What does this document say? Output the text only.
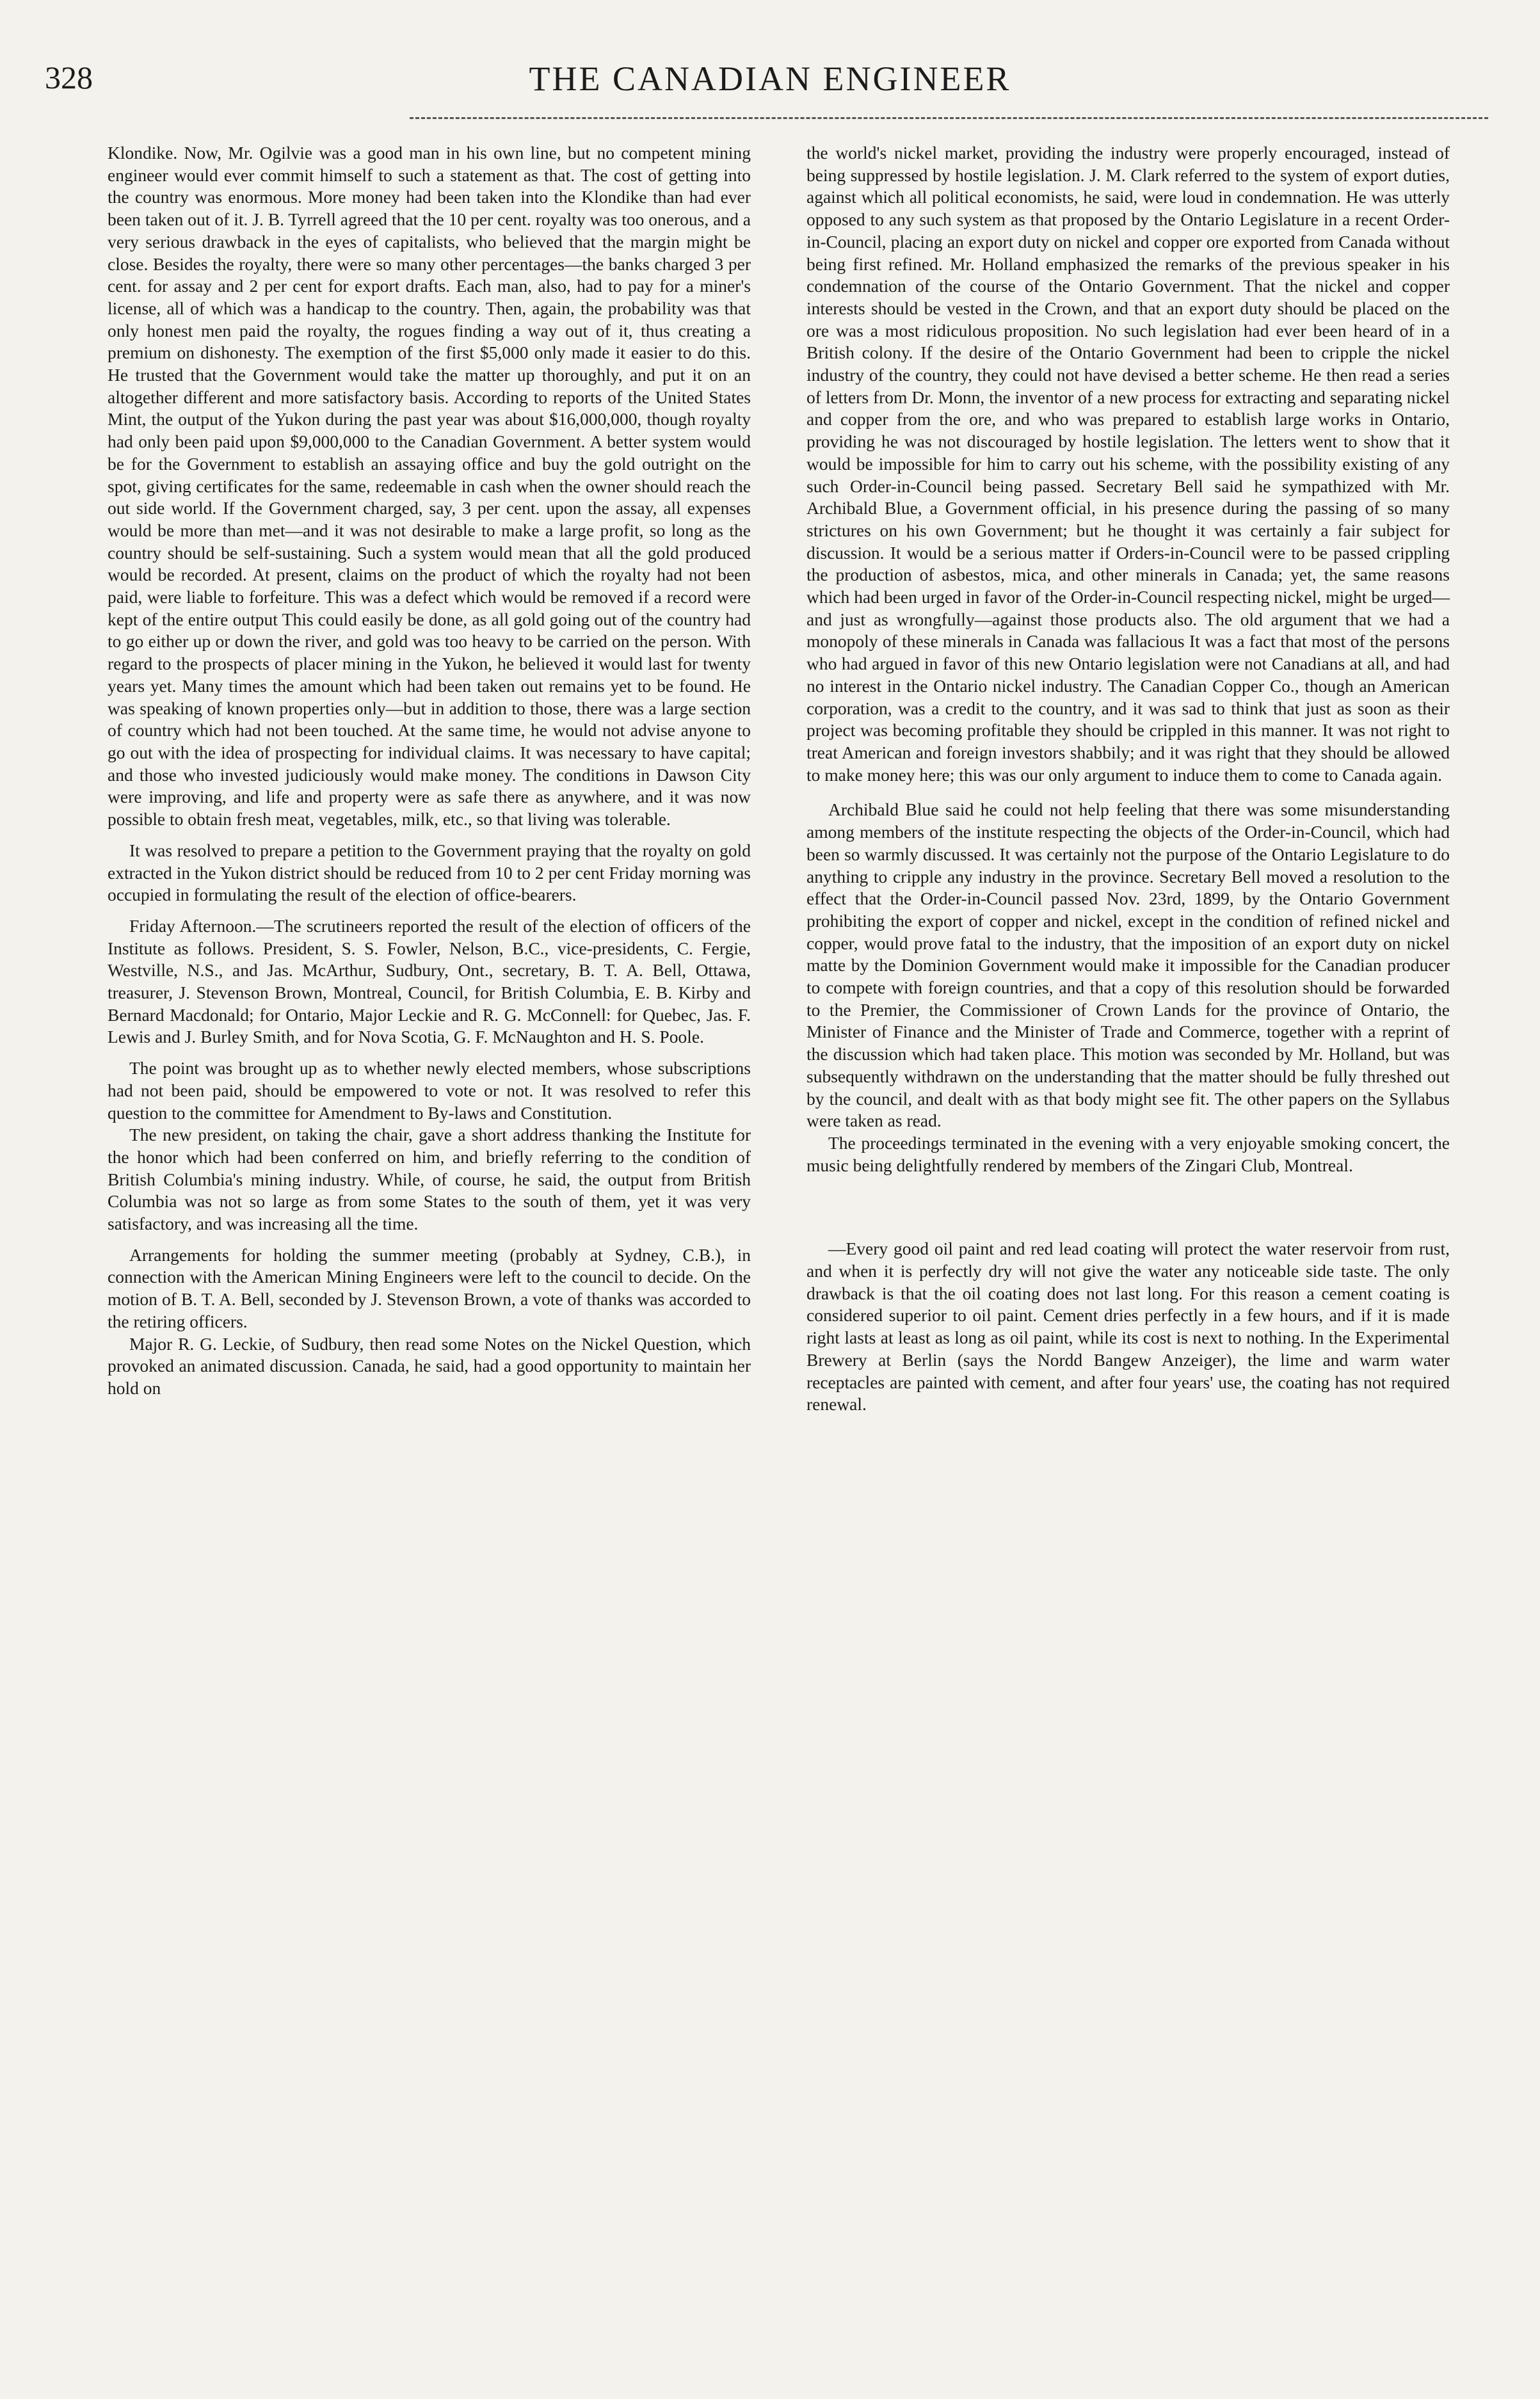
328	THE CANADIAN ENGINEER

Klondike. Now, Mr. Ogilvie was a good man in his own line, but no competent mining engineer would ever commit himself to such a statement as that. The cost of getting into the country was enormous. More money had been taken into the Klondike than had ever been taken out of it. J. B. Tyrrell agreed that the 10 per cent. royalty was too onerous, and a very serious drawback in the eyes of capitalists, who believed that the margin might be close. Besides the royalty, there were so many other percentages—the banks charged 3 per cent. for assay and 2 per cent for export drafts. Each man, also, had to pay for a miner's license, all of which was a handicap to the country. Then, again, the probability was that only honest men paid the royalty, the rogues finding a way out of it, thus creating a premium on dishonesty. The exemption of the first $5,000 only made it easier to do this. He trusted that the Government would take the matter up thoroughly, and put it on an altogether different and more satisfactory basis. According to reports of the United States Mint, the output of the Yukon during the past year was about $16,000,000, though royalty had only been paid upon $9,000,000 to the Canadian Government. A better system would be for the Government to establish an assaying office and buy the gold outright on the spot, giving certificates for the same, redeemable in cash when the owner should reach the out side world. If the Government charged, say, 3 per cent. upon the assay, all expenses would be more than met—and it was not desirable to make a large profit, so long as the country should be self-sustaining. Such a system would mean that all the gold produced would be recorded. At present, claims on the product of which the royalty had not been paid, were liable to forfeiture. This was a defect which would be removed if a record were kept of the entire output This could easily be done, as all gold going out of the country had to go either up or down the river, and gold was too heavy to be carried on the person. With regard to the prospects of placer mining in the Yukon, he believed it would last for twenty years yet. Many times the amount which had been taken out remains yet to be found. He was speaking of known properties only—but in addition to those, there was a large section of country which had not been touched. At the same time, he would not advise anyone to go out with the idea of prospecting for individual claims. It was necessary to have capital; and those who invested judiciously would make money. The conditions in Dawson City were improving, and life and property were as safe there as anywhere, and it was now possible to obtain fresh meat, vegetables, milk, etc., so that living was tolerable.

It was resolved to prepare a petition to the Government praying that the royalty on gold extracted in the Yukon district should be reduced from 10 to 2 per cent Friday morning was occupied in formulating the result of the election of office-bearers.

Friday Afternoon.—The scrutineers reported the result of the election of officers of the Institute as follows. President, S. S. Fowler, Nelson, B.C., vice-presidents, C. Fergie, Westville, N.S., and Jas. McArthur, Sudbury, Ont., secretary, B. T. A. Bell, Ottawa, treasurer, J. Stevenson Brown, Montreal, Council, for British Columbia, E. B. Kirby and Bernard Macdonald; for Ontario, Major Leckie and R. G. McConnell: for Quebec, Jas. F. Lewis and J. Burley Smith, and for Nova Scotia, G. F. McNaughton and H. S. Poole.

The point was brought up as to whether newly elected members, whose subscriptions had not been paid, should be empowered to vote or not. It was resolved to refer this question to the committee for Amendment to By-laws and Constitution.

The new president, on taking the chair, gave a short address thanking the Institute for the honor which had been conferred on him, and briefly referring to the condition of British Columbia's mining industry. While, of course, he said, the output from British Columbia was not so large as from some States to the south of them, yet it was very satisfactory, and was increasing all the time.

Arrangements for holding the summer meeting (probably at Sydney, C.B.), in connection with the American Mining Engineers were left to the council to decide. On the motion of B. T. A. Bell, seconded by J. Stevenson Brown, a vote of thanks was accorded to the retiring officers.

Major R. G. Leckie, of Sudbury, then read some Notes on the Nickel Question, which provoked an animated discussion. Canada, he said, had a good opportunity to maintain her hold on

the world's nickel market, providing the industry were properly encouraged, instead of being suppressed by hostile legislation. J. M. Clark referred to the system of export duties, against which all political economists, he said, were loud in condemnation. He was utterly opposed to any such system as that proposed by the Ontario Legislature in a recent Order-in-Council, placing an export duty on nickel and copper ore exported from Canada without being first refined. Mr. Holland emphasized the remarks of the previous speaker in his condemnation of the course of the Ontario Government. That the nickel and copper interests should be vested in the Crown, and that an export duty should be placed on the ore was a most ridiculous proposition. No such legislation had ever been heard of in a British colony. If the desire of the Ontario Government had been to cripple the nickel industry of the country, they could not have devised a better scheme. He then read a series of letters from Dr. Monn, the inventor of a new process for extracting and separating nickel and copper from the ore, and who was prepared to establish large works in Ontario, providing he was not discouraged by hostile legislation. The letters went to show that it would be impossible for him to carry out his scheme, with the possibility existing of any such Order-in-Council being passed. Secretary Bell said he sympathized with Mr. Archibald Blue, a Government official, in his presence during the passing of so many strictures on his own Government; but he thought it was certainly a fair subject for discussion. It would be a serious matter if Orders-in-Council were to be passed crippling the production of asbestos, mica, and other minerals in Canada; yet, the same reasons which had been urged in favor of the Order-in-Council respecting nickel, might be urged—and just as wrongfully—against those products also. The old argument that we had a monopoly of these minerals in Canada was fallacious It was a fact that most of the persons who had argued in favor of this new Ontario legislation were not Canadians at all, and had no interest in the Ontario nickel industry. The Canadian Copper Co., though an American corporation, was a credit to the country, and it was sad to think that just as soon as their project was becoming profitable they should be crippled in this manner. It was not right to treat American and foreign investors shabbily; and it was right that they should be allowed to make money here; this was our only argument to induce them to come to Canada again.

Archibald Blue said he could not help feeling that there was some misunderstanding among members of the institute respecting the objects of the Order-in-Council, which had been so warmly discussed. It was certainly not the purpose of the Ontario Legislature to do anything to cripple any industry in the province. Secretary Bell moved a resolution to the effect that the Order-in-Council passed Nov. 23rd, 1899, by the Ontario Government prohibiting the export of copper and nickel, except in the condition of refined nickel and copper, would prove fatal to the industry, that the imposition of an export duty on nickel matte by the Dominion Government would make it impossible for the Canadian producer to compete with foreign countries, and that a copy of this resolution should be forwarded to the Premier, the Commissioner of Crown Lands for the province of Ontario, the Minister of Finance and the Minister of Trade and Commerce, together with a reprint of the discussion which had taken place. This motion was seconded by Mr. Holland, but was subsequently withdrawn on the understanding that the matter should be fully threshed out by the council, and dealt with as that body might see fit. The other papers on the Syllabus were taken as read.

The proceedings terminated in the evening with a very enjoyable smoking concert, the music being delightfully rendered by members of the Zingari Club, Montreal.

—Every good oil paint and red lead coating will protect the water reservoir from rust, and when it is perfectly dry will not give the water any noticeable side taste. The only drawback is that the oil coating does not last long. For this reason a cement coating is considered superior to oil paint. Cement dries perfectly in a few hours, and if it is made right lasts at least as long as oil paint, while its cost is next to nothing. In the Experimental Brewery at Berlin (says the Nordd Bangew Anzeiger), the lime and warm water receptacles are painted with cement, and after four years' use, the coating has not required renewal.
